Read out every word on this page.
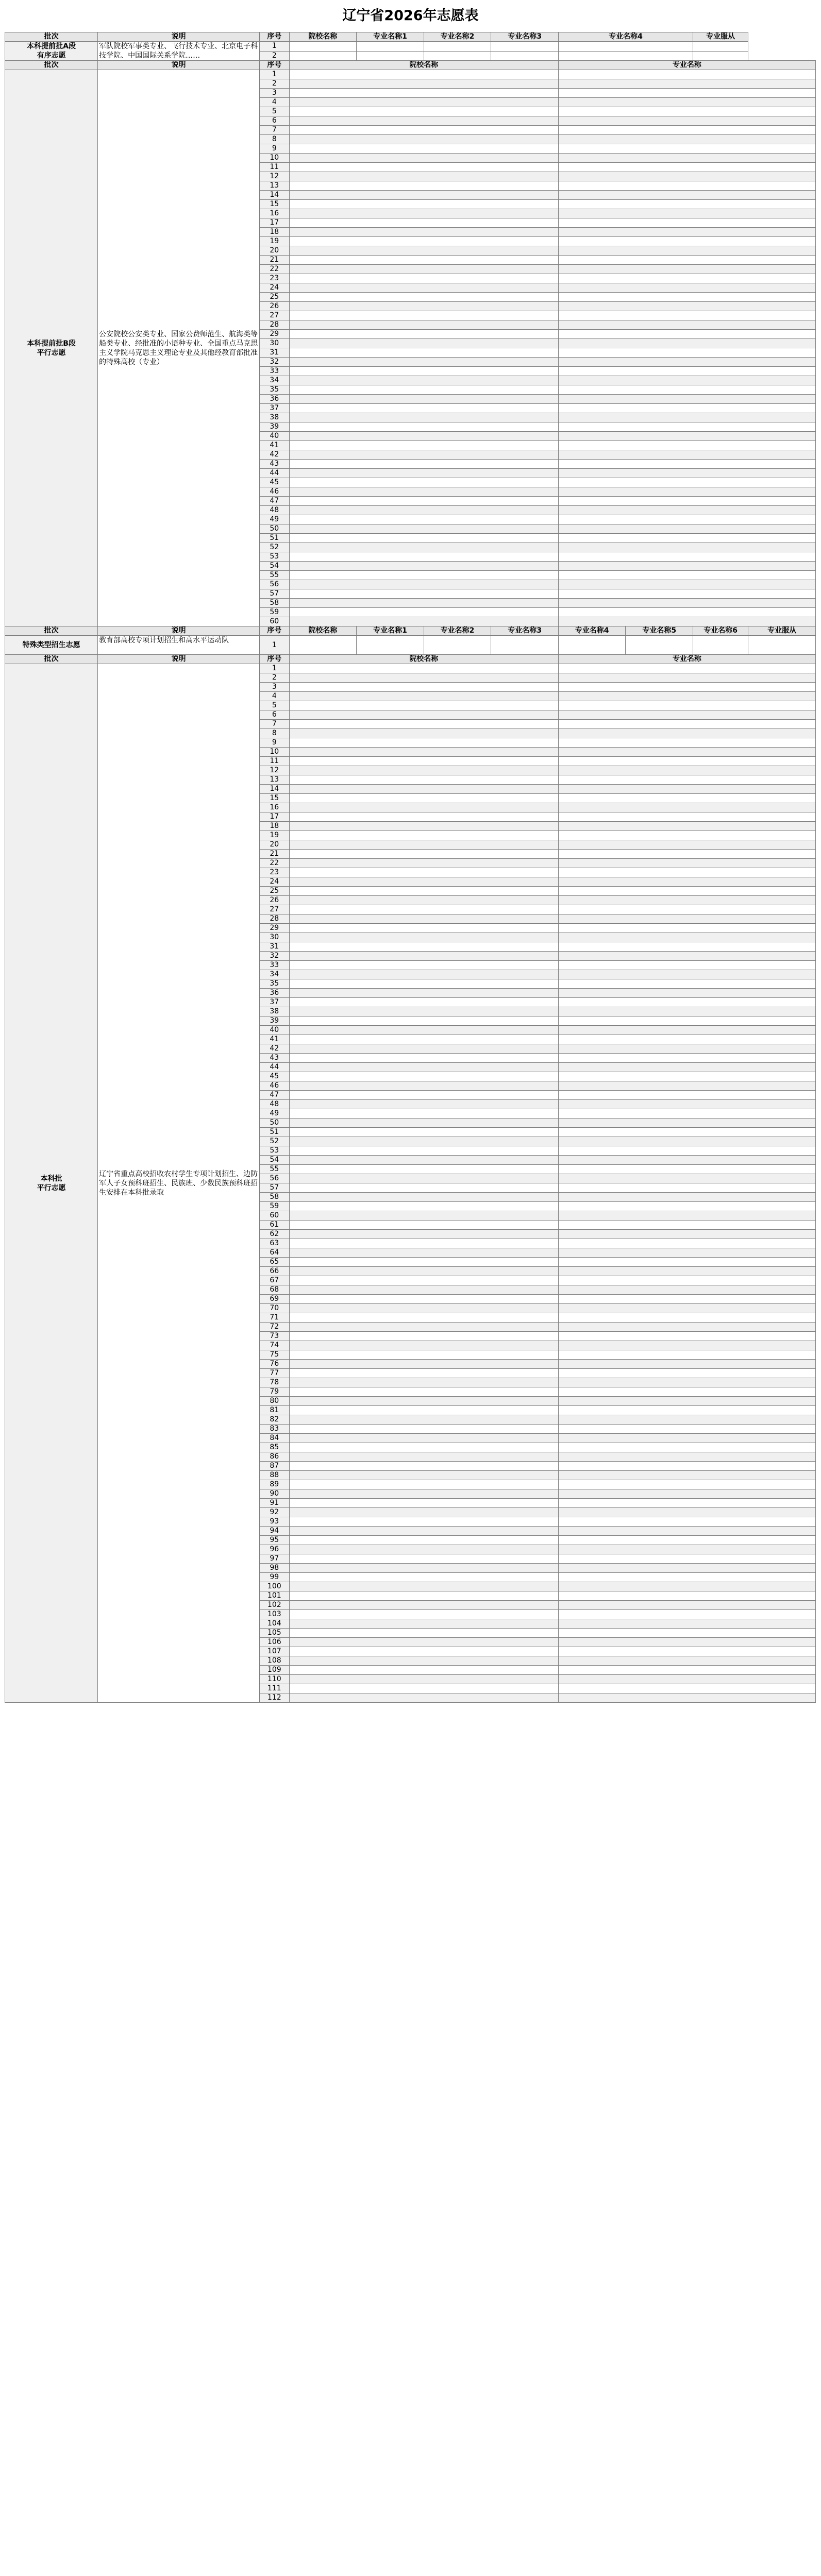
辽宁省2026年志愿表
批次	说明	序号	院校名称	专业名称1	专业名称2	专业名称3	专业名称4		专业服从	
本科提前批A段
有序志愿	军队院校军事类专业、飞行技术专业、北京电子科技学院、中国国际关系学院……	1								
		2								
批次	说明	序号	院校名称				专业名称			
本科提前批B段
平行志愿	公安院校公安类专业、国家公费师范生、航海类等船类专业、经批准的小语种专业、全国重点马克思主义学院马克思主义理论专业及其他经教育部批准的特殊高校（专业）	1								
		2								
		3								
		4								
		5								
		6								
		7								
		8								
		9								
		10								
		11								
		12								
		13								
		14								
		15								
		16								
		17								
		18								
		19								
		20								
		21								
		22								
		23								
		24								
		25								
		26								
		27								
		28								
		29								
		30								
		31								
		32								
		33								
		34								
		35								
		36								
		37								
		38								
		39								
		40								
		41								
		42								
		43								
		44								
		45								
		46								
		47								
		48								
		49								
		50								
		51								
		52								
		53								
		54								
		55								
		56								
		57								
		58								
		59								
		60								
批次	说明	序号	院校名称	专业名称1	专业名称2	专业名称3	专业名称4	专业名称5	专业名称6	专业服从
特殊类型招生志愿	教育部高校专项计划招生和高水平运动队	1								
批次	说明	序号	院校名称				专业名称			
本科批
平行志愿	辽宁省重点高校招收农村学生专项计划招生、边防军人子女预科班招生、民族班、少数民族预科班招生安排在本科批录取	1								
		2								
		3								
		4								
		5								
		6								
		7								
		8								
		9								
		10								
		11								
		12								
		13								
		14								
		15								
		16								
		17								
		18								
		19								
		20								
		21								
		22								
		23								
		24								
		25								
		26								
		27								
		28								
		29								
		30								
		31								
		32								
		33								
		34								
		35								
		36								
		37								
		38								
		39								
		40								
		41								
		42								
		43								
		44								
		45								
		46								
		47								
		48								
		49								
		50								
		51								
		52								
		53								
		54								
		55								
		56								
		57								
		58								
		59								
		60								
		61								
		62								
		63								
		64								
		65								
		66								
		67								
		68								
		69								
		70								
		71								
		72								
		73								
		74								
		75								
		76								
		77								
		78								
		79								
		80								
		81								
		82								
		83								
		84								
		85								
		86								
		87								
		88								
		89								
		90								
		91								
		92								
		93								
		94								
		95								
		96								
		97								
		98								
		99								
		100								
		101								
		102								
		103								
		104								
		105								
		106								
		107								
		108								
		109								
		110								
		111								
		112								
